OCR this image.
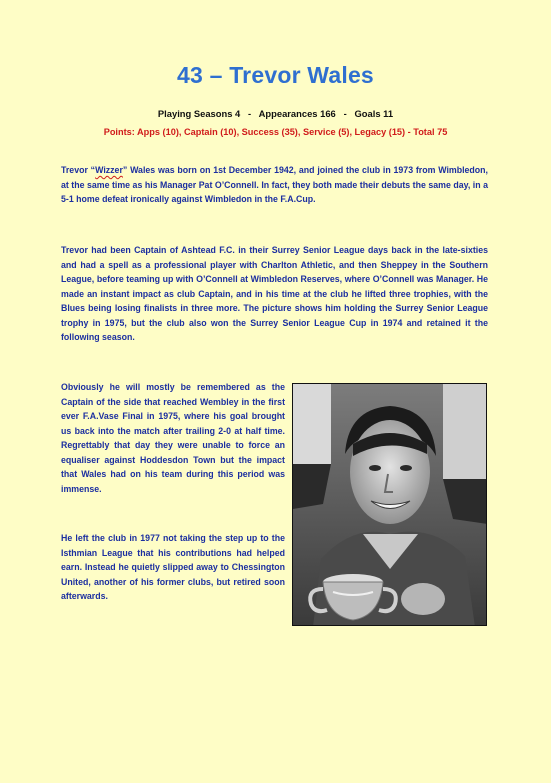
43 – Trevor Wales
Playing Seasons 4   -   Appearances 166   -   Goals 11
Points: Apps (10), Captain (10), Success (35), Service (5), Legacy (15) - Total 75
Trevor “Wizzer” Wales was born on 1st December 1942, and joined the club in 1973 from Wimbledon, at the same time as his Manager Pat O’Connell. In fact, they both made their debuts the same day, in a 5-1 home defeat ironically against Wimbledon in the F.A.Cup.
Trevor had been Captain of Ashtead F.C. in their Surrey Senior League days back in the late-sixties and had a spell as a professional player with Charlton Athletic, and then Sheppey in the Southern League, before teaming up with O’Connell at Wimbledon Reserves, where O’Connell was Manager. He made an instant impact as club Captain, and in his time at the club he lifted three trophies, with the Blues being losing finalists in three more. The picture shows him holding the Surrey Senior League trophy in 1975, but the club also won the Surrey Senior League Cup in 1974 and retained it the following season.
Obviously he will mostly be remembered as the Captain of the side that reached Wembley in the first ever F.A.Vase Final in 1975, where his goal brought us back into the match after trailing 2-0 at half time. Regrettably that day they were unable to force an equaliser against Hoddesdon Town but the impact that Wales had on his team during this period was immense.
He left the club in 1977 not taking the step up to the Isthmian League that his contributions had helped earn. Instead he quietly slipped away to Chessington United, another of his former clubs, but retired soon afterwards.
